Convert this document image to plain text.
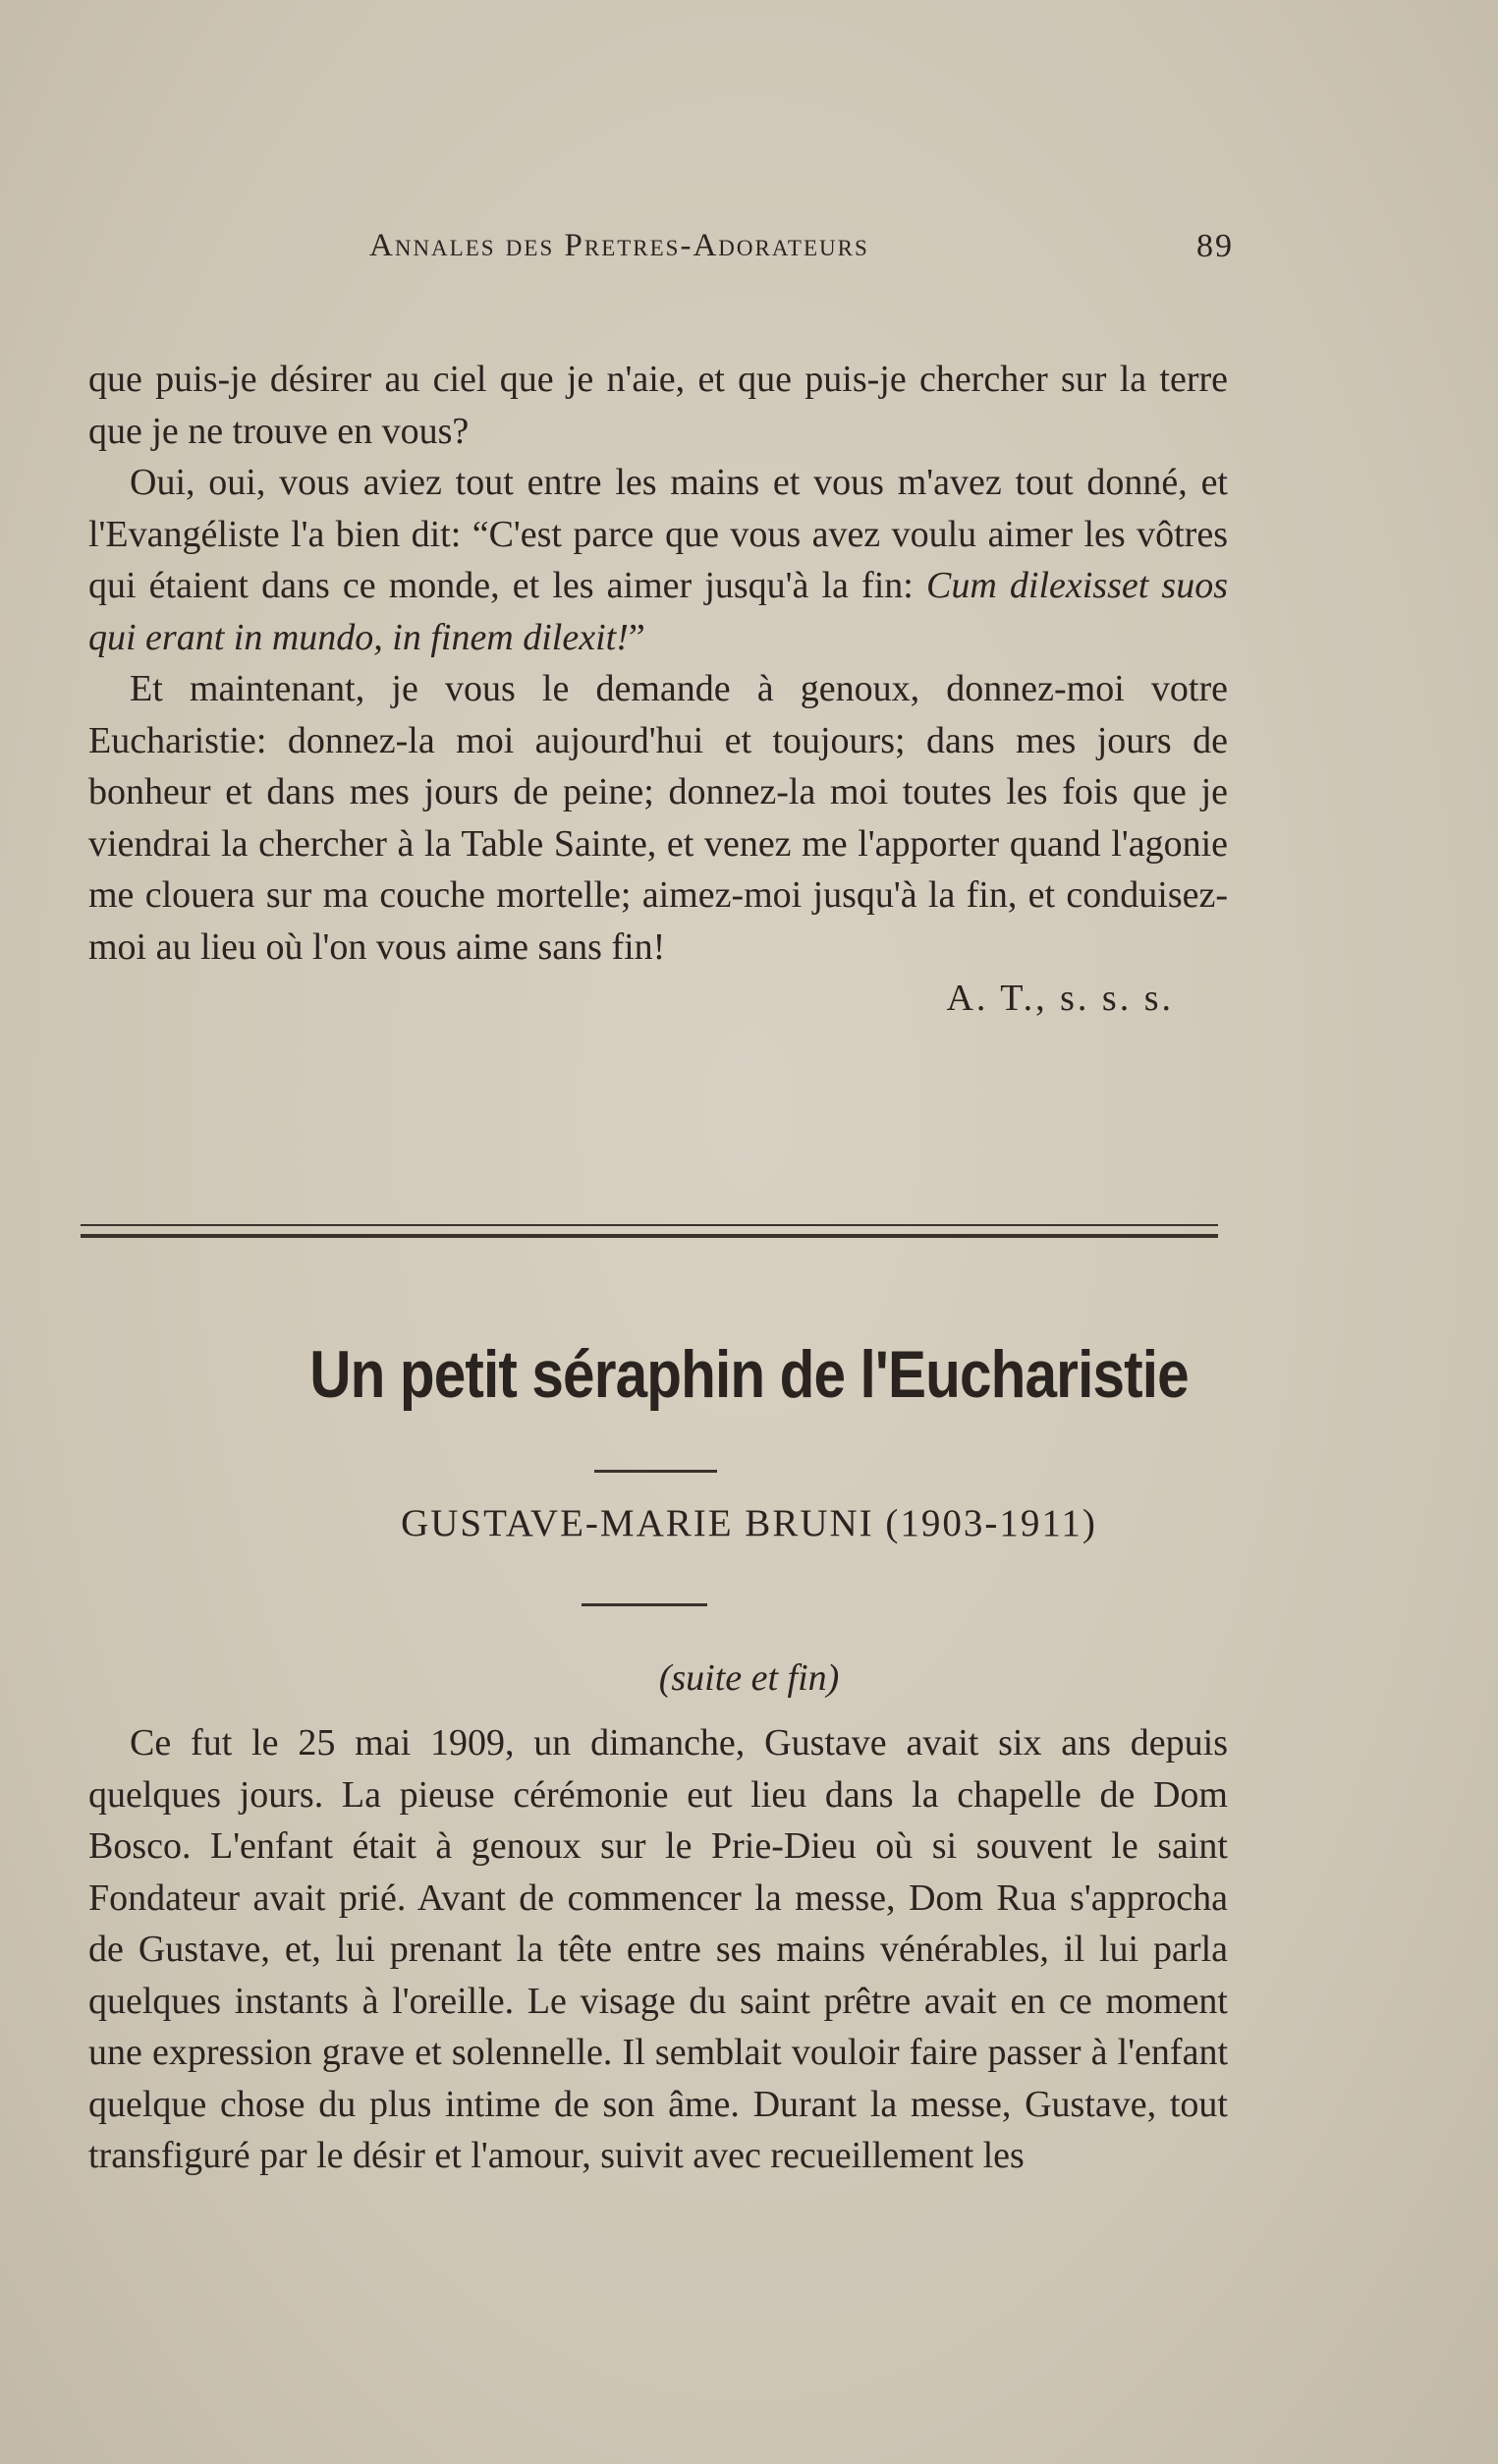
Annales des Pretres-Adorateurs	89

que puis-je désirer au ciel que je n'aie, et que puis-je chercher sur la terre que je ne trouve en vous?

Oui, oui, vous aviez tout entre les mains et vous m'avez tout donné, et l'Evangéliste l'a bien dit: “C'est parce que vous avez voulu aimer les vôtres qui étaient dans ce monde, et les aimer jusqu'à la fin: Cum dilexisset suos qui erant in mundo, in finem dilexit!”

Et maintenant, je vous le demande à genoux, donnez-moi votre Eucharistie: donnez-la moi aujourd'hui et toujours; dans mes jours de bonheur et dans mes jours de peine; donnez-la moi toutes les fois que je viendrai la chercher à la Table Sainte, et venez me l'apporter quand l'agonie me clouera sur ma couche mortelle; aimez-moi jusqu'à la fin, et conduisez-moi au lieu où l'on vous aime sans fin!

A. T., s. s. s.

Un petit séraphin de l'Eucharistie
GUSTAVE-MARIE BRUNI (1903-1911)
(suite et fin)

Ce fut le 25 mai 1909, un dimanche, Gustave avait six ans depuis quelques jours. La pieuse cérémonie eut lieu dans la chapelle de Dom Bosco. L'enfant était à genoux sur le Prie-Dieu où si souvent le saint Fondateur avait prié. Avant de commencer la messe, Dom Rua s'approcha de Gustave, et, lui prenant la tête entre ses mains vénérables, il lui parla quelques instants à l'oreille. Le visage du saint prêtre avait en ce moment une expression grave et solennelle. Il semblait vouloir faire passer à l'enfant quelque chose du plus intime de son âme. Durant la messe, Gustave, tout transfiguré par le désir et l'amour, suivit avec recueillement les
